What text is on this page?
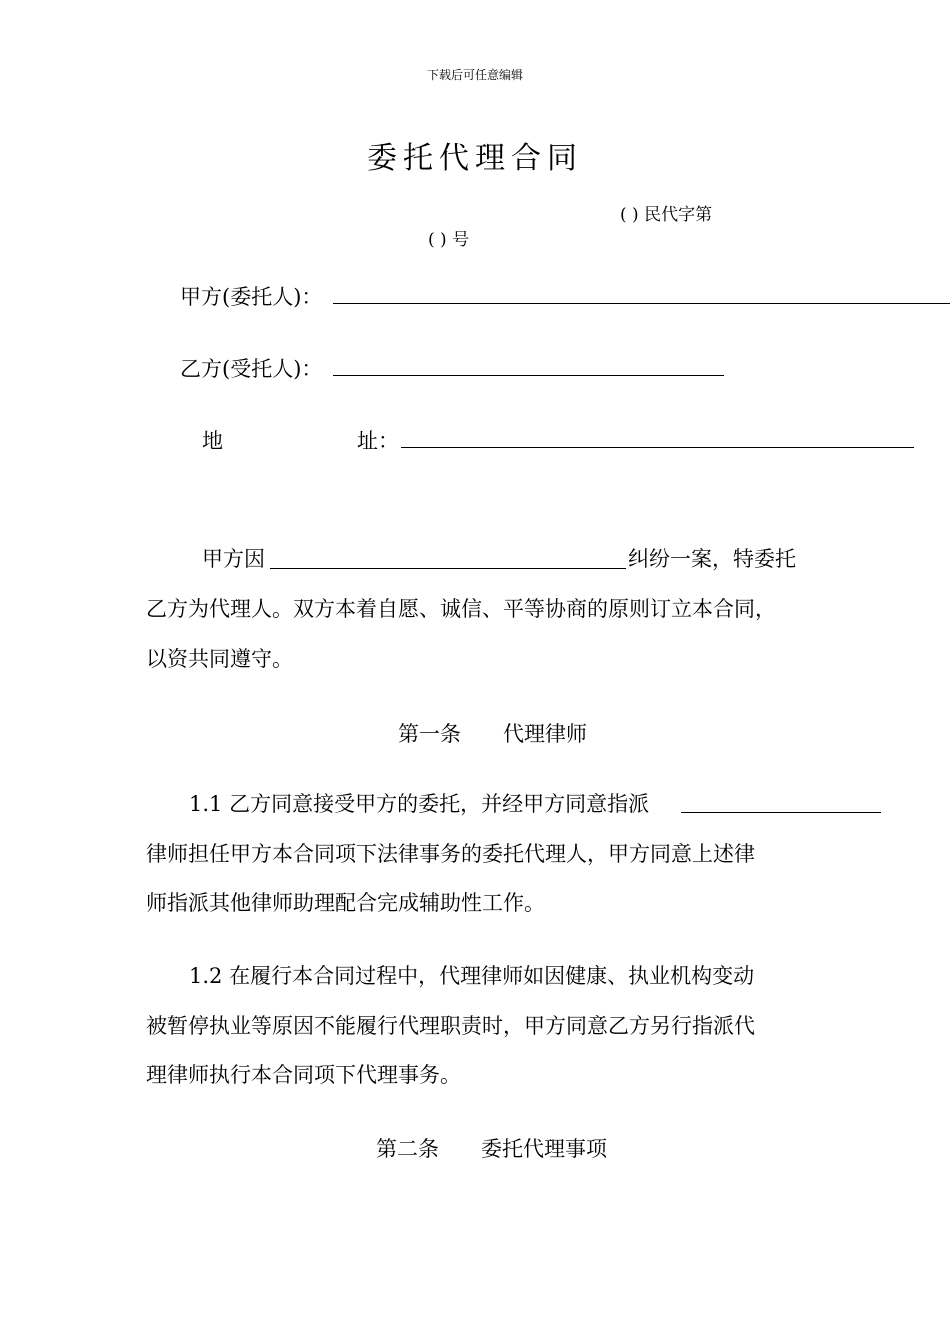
下载后可任意编辑
委托代理合同
( ) 民代字第
( ) 号
甲方(委托人)：
乙方(受托人)：
地	址：
甲方因	纠纷一案，特委托
乙方为代理人。双方本着自愿、诚信、平等协商的原则订立本合同，
以资共同遵守。
第一条 代理律师
1.1 乙方同意接受甲方的委托，并经甲方同意指派
律师担任甲方本合同项下法律事务的委托代理人，甲方同意上述律
师指派其他律师助理配合完成辅助性工作。
1.2 在履行本合同过程中，代理律师如因健康、执业机构变动
被暂停执业等原因不能履行代理职责时，甲方同意乙方另行指派代
理律师执行本合同项下代理事务。
第二条 委托代理事项
